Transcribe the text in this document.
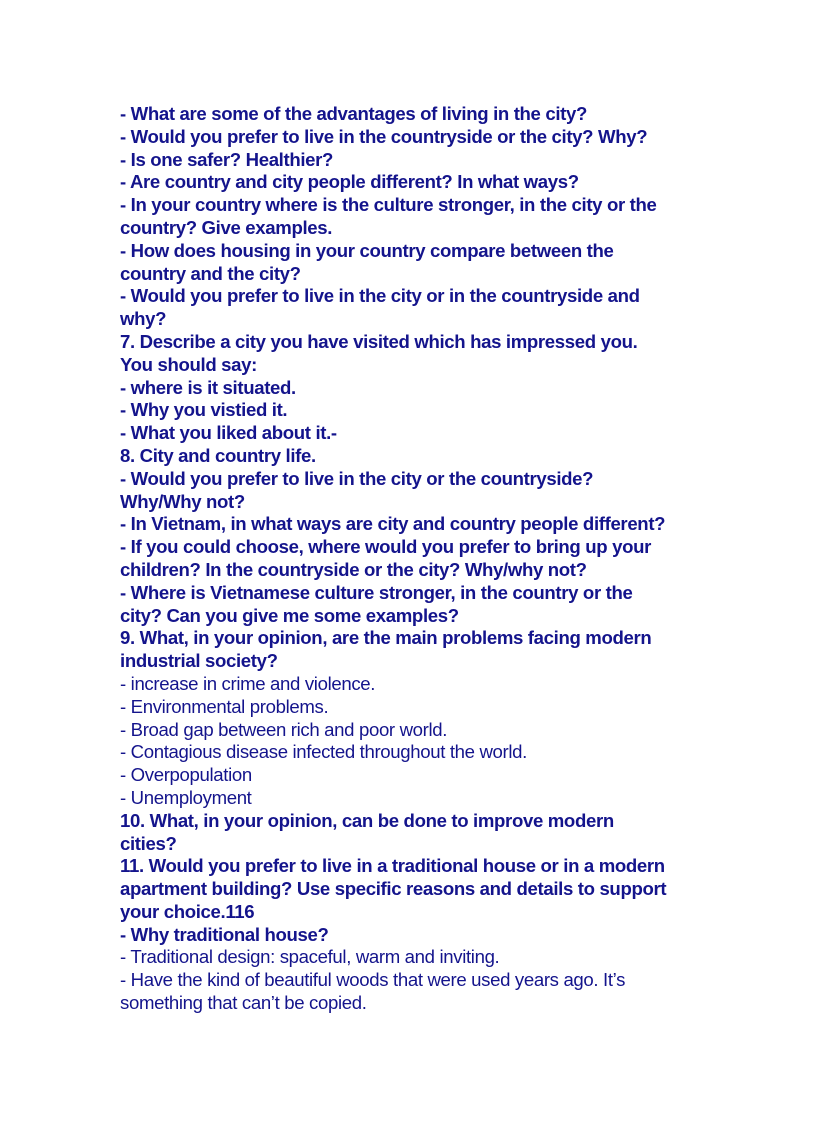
- What are some of the advantages of living in the city?

- Would you prefer to live in the countryside or the city? Why?

- Is one safer? Healthier?

- Are country and city people different? In what ways?

- In your country where is the culture stronger, in the city or the

country? Give examples.

- How does housing in your country compare between the

country and the city?

- Would you prefer to live in the city or in the countryside and

why?

7. Describe a city you have visited which has impressed you.

You should say:

- where is it situated.

- Why you vistied it.

- What you liked about it.-

8. City and country life.

- Would you prefer to live in the city or the countryside?

Why/Why not?

- In Vietnam, in what ways are city and country people different?

- If you could choose, where would you prefer to bring up your

children? In the countryside or the city? Why/why not?

- Where is Vietnamese culture stronger, in the country or the

city? Can you give me some examples?

9. What, in your opinion, are the main problems facing modern

industrial society?

- increase in crime and violence.

- Environmental problems.

- Broad gap between rich and poor world.

- Contagious disease infected throughout the world.

- Overpopulation

- Unemployment

10. What, in your opinion, can be done to improve modern

cities?

11. Would you prefer to live in a traditional house or in a modern

apartment building? Use specific reasons and details to support

your choice.116

- Why traditional house?

- Traditional design: spaceful, warm and inviting.

- Have the kind of beautiful woods that were used years ago. It’s

something that can’t be copied.
